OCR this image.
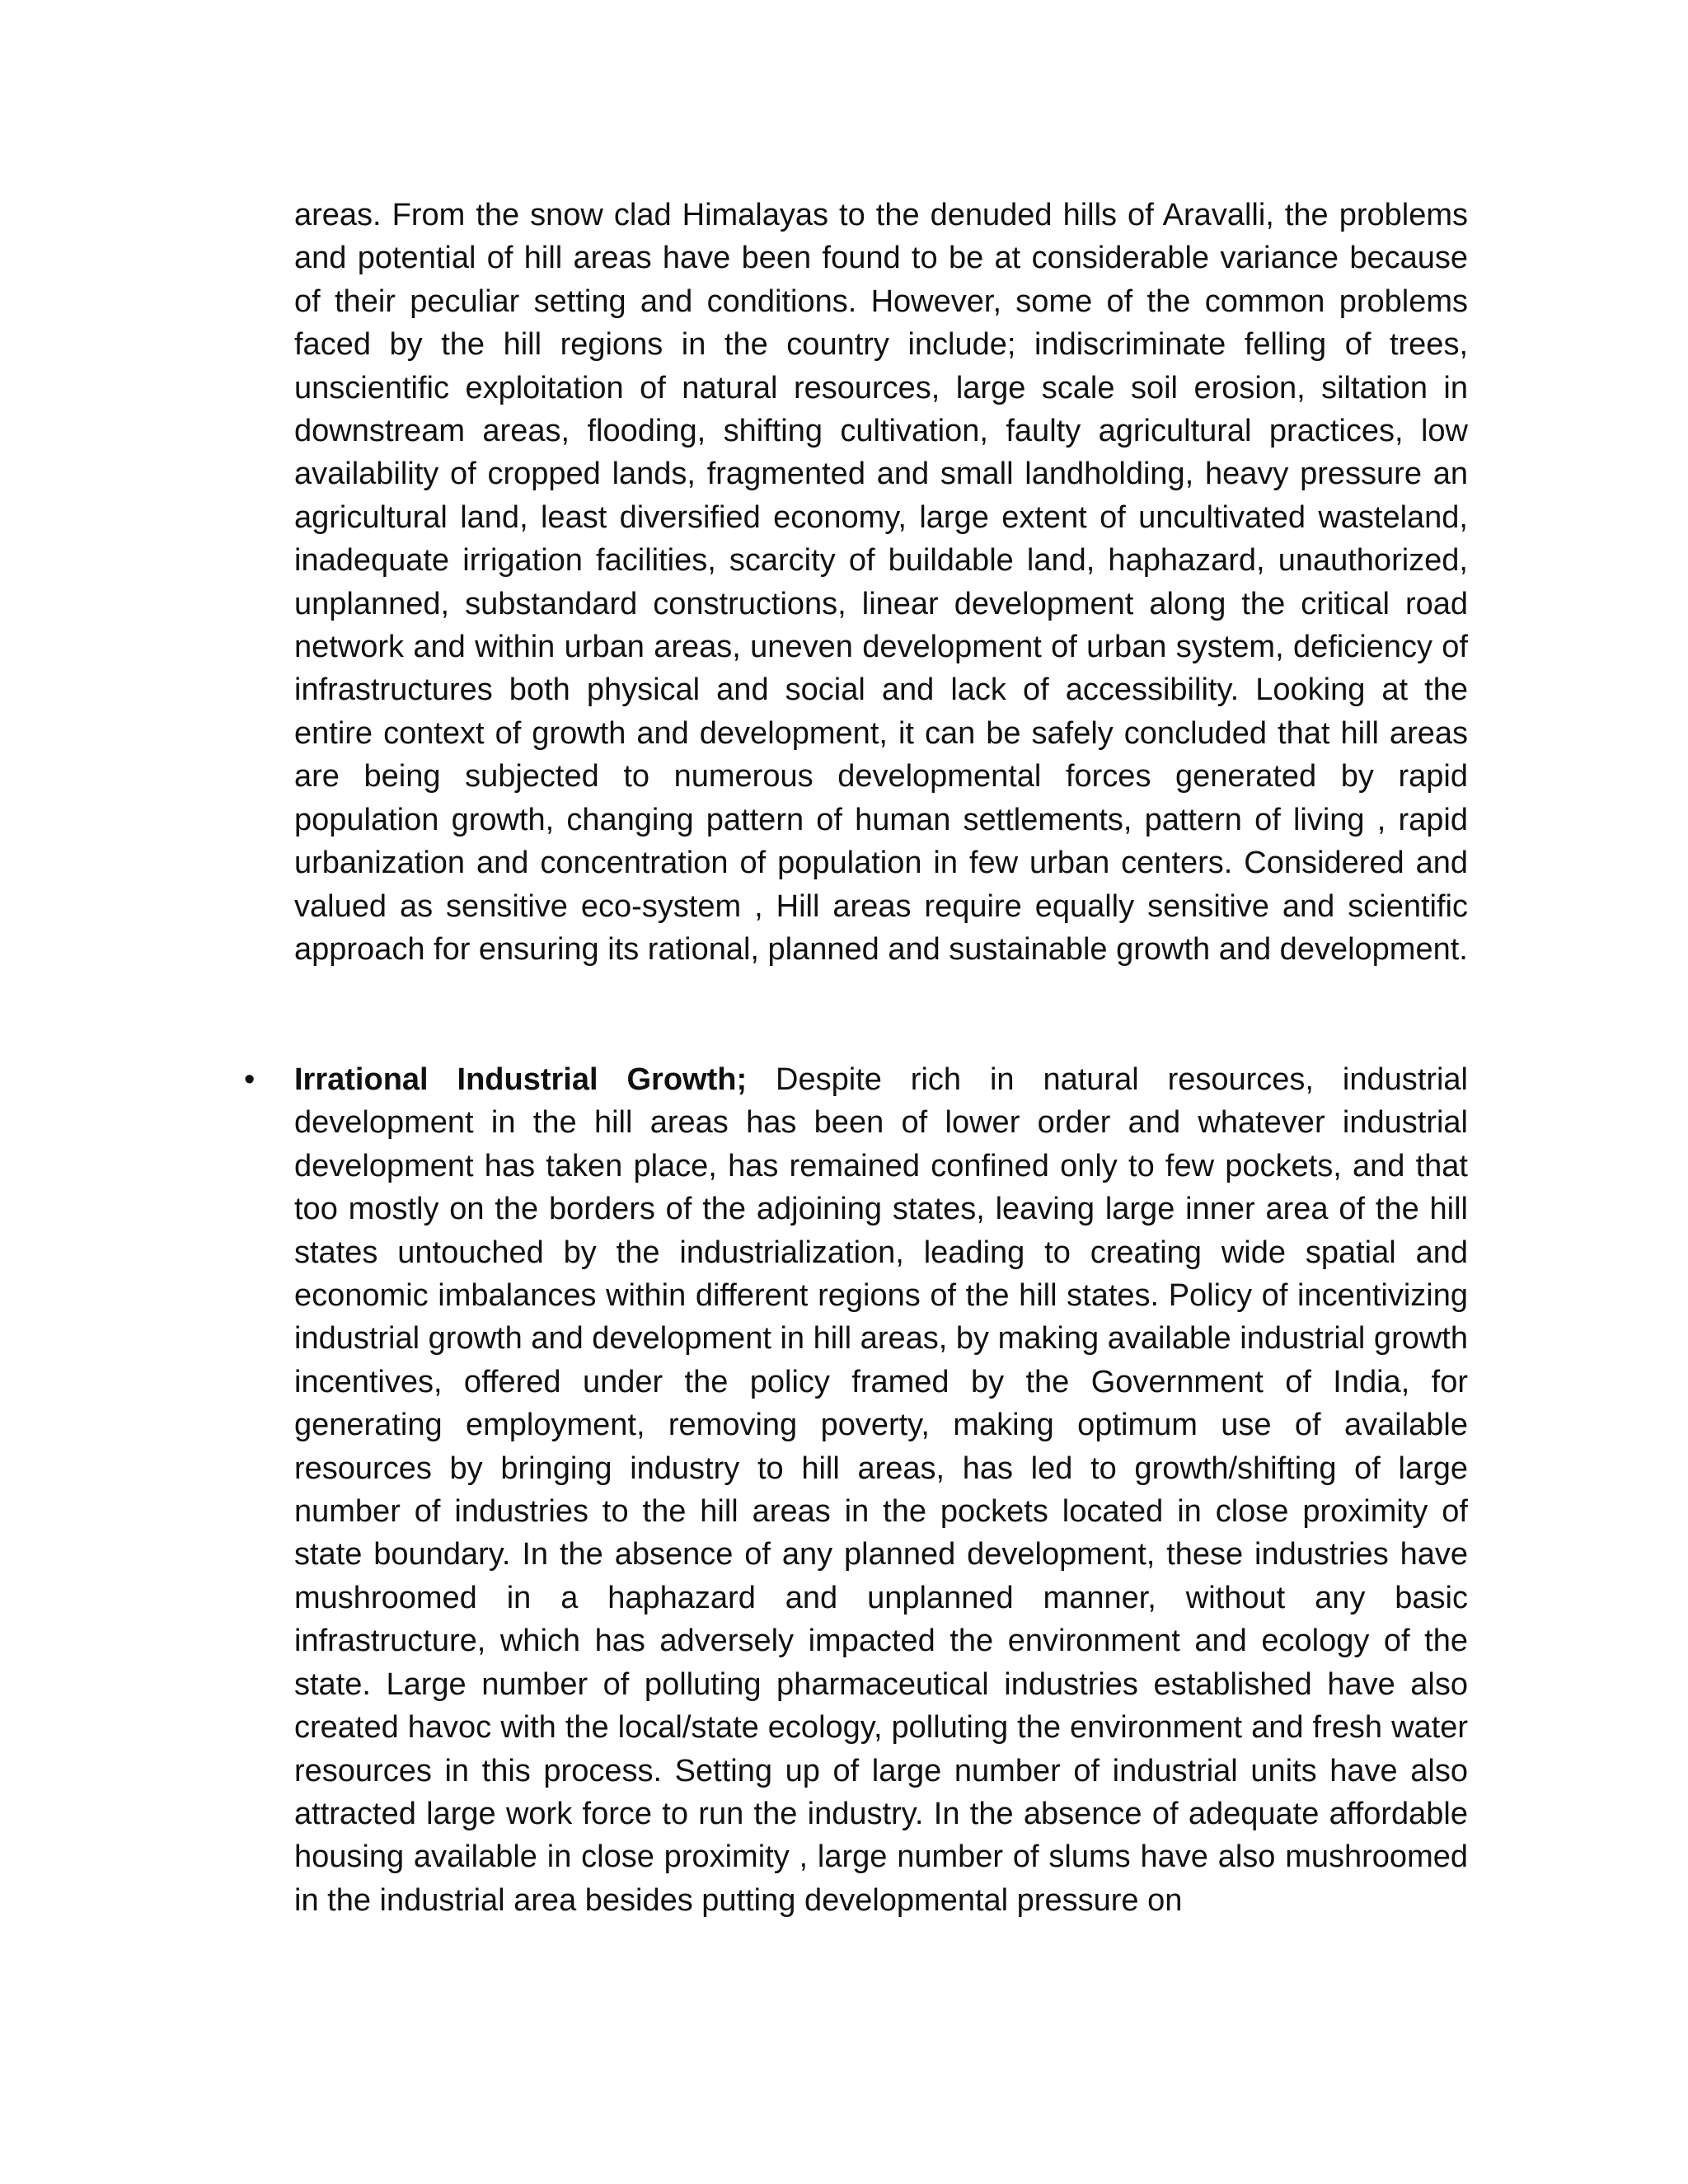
areas. From the snow clad Himalayas to the denuded hills of Aravalli, the problems and potential of hill areas have been found to be at considerable variance because of their peculiar setting and conditions. However, some of the common problems faced by the hill regions in the country include; indiscriminate felling of trees, unscientific exploitation of natural resources, large scale soil erosion, siltation in downstream areas, flooding, shifting cultivation, faulty agricultural practices, low availability of cropped lands, fragmented and small landholding, heavy pressure an agricultural land, least diversified economy, large extent of uncultivated wasteland, inadequate irrigation facilities, scarcity of buildable land, haphazard, unauthorized, unplanned, substandard constructions, linear development along the critical road network and within urban areas, uneven development of urban system, deficiency of infrastructures both physical and social and lack of accessibility. Looking at the entire context of growth and development, it can be safely concluded that hill areas are being subjected to numerous developmental forces generated by rapid population growth, changing pattern of human settlements, pattern of living , rapid urbanization and concentration of population in few urban centers. Considered and valued as sensitive eco-system , Hill areas require equally sensitive and scientific approach for ensuring its rational, planned and sustainable growth and development.

• Irrational Industrial Growth; Despite rich in natural resources, industrial development in the hill areas has been of lower order and whatever industrial development has taken place, has remained confined only to few pockets, and that too mostly on the borders of the adjoining states, leaving large inner area of the hill states untouched by the industrialization, leading to creating wide spatial and economic imbalances within different regions of the hill states. Policy of incentivizing industrial growth and development in hill areas, by making available industrial growth incentives, offered under the policy framed by the Government of India, for generating employment, removing poverty, making optimum use of available resources by bringing industry to hill areas, has led to growth/shifting of large number of industries to the hill areas in the pockets located in close proximity of state boundary. In the absence of any planned development, these industries have mushroomed in a haphazard and unplanned manner, without any basic infrastructure, which has adversely impacted the environment and ecology of the state. Large number of polluting pharmaceutical industries established have also created havoc with the local/state ecology, polluting the environment and fresh water resources in this process. Setting up of large number of industrial units have also attracted large work force to run the industry. In the absence of adequate affordable housing available in close proximity , large number of slums have also mushroomed in the industrial area besides putting developmental pressure on
